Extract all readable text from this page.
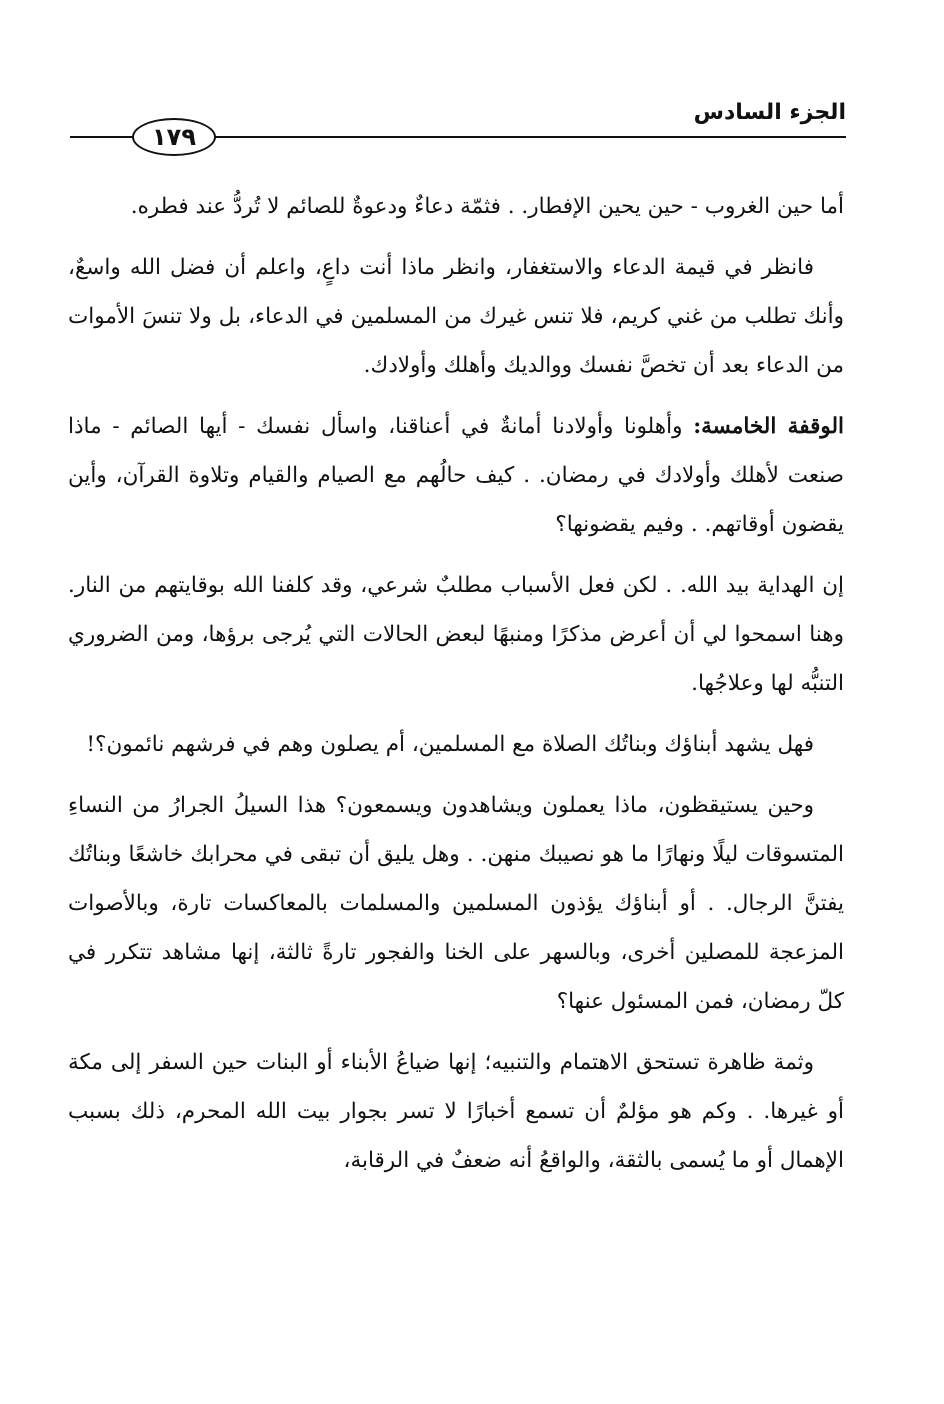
الجزء السادس
١٧٩

أما حين الغروب - حين يحين الإفطار. . فثمّة دعاءٌ ودعوةٌ للصائم لا تُردُّ عند فطره.

فانظر في قيمة الدعاء والاستغفار، وانظر ماذا أنت داعٍ، واعلم أن فضل الله واسعٌ، وأنك تطلب من غني كريم، فلا تنس غيرك من المسلمين في الدعاء، بل ولا تنسَ الأموات من الدعاء بعد أن تخصَّ نفسك ووالديك وأهلك وأولادك.

الوقفة الخامسة: وأهلونا وأولادنا أمانةٌ في أعناقنا، واسأل نفسك - أيها الصائم - ماذا صنعت لأهلك وأولادك في رمضان. . كيف حالُهم مع الصيام والقيام وتلاوة القرآن، وأين يقضون أوقاتهم. . وفيم يقضونها؟

إن الهداية بيد الله. . لكن فعل الأسباب مطلبٌ شرعي، وقد كلفنا الله بوقايتهم من النار. وهنا اسمحوا لي أن أعرض مذكرًا ومنبهًا لبعض الحالات التي يُرجى برؤها، ومن الضروري التنبُّه لها وعلاجُها.

فهل يشهد أبناؤك وبناتُك الصلاة مع المسلمين، أم يصلون وهم في فرشهم نائمون؟!

وحين يستيقظون، ماذا يعملون ويشاهدون ويسمعون؟ هذا السيلُ الجرارُ من النساءِ المتسوقات ليلًا ونهارًا ما هو نصيبك منهن. . وهل يليق أن تبقى في محرابك خاشعًا وبناتُك يفتنَّ الرجال. . أو أبناؤك يؤذون المسلمين والمسلمات بالمعاكسات تارة، وبالأصوات المزعجة للمصلين أخرى، وبالسهر على الخنا والفجور تارةً ثالثة، إنها مشاهد تتكرر في كلّ رمضان، فمن المسئول عنها؟

وثمة ظاهرة تستحق الاهتمام والتنبيه؛ إنها ضياعُ الأبناء أو البنات حين السفر إلى مكة أو غيرها. . وكم هو مؤلمٌ أن تسمع أخبارًا لا تسر بجوار بيت الله المحرم، ذلك بسبب الإهمال أو ما يُسمى بالثقة، والواقعُ أنه ضعفٌ في الرقابة،
